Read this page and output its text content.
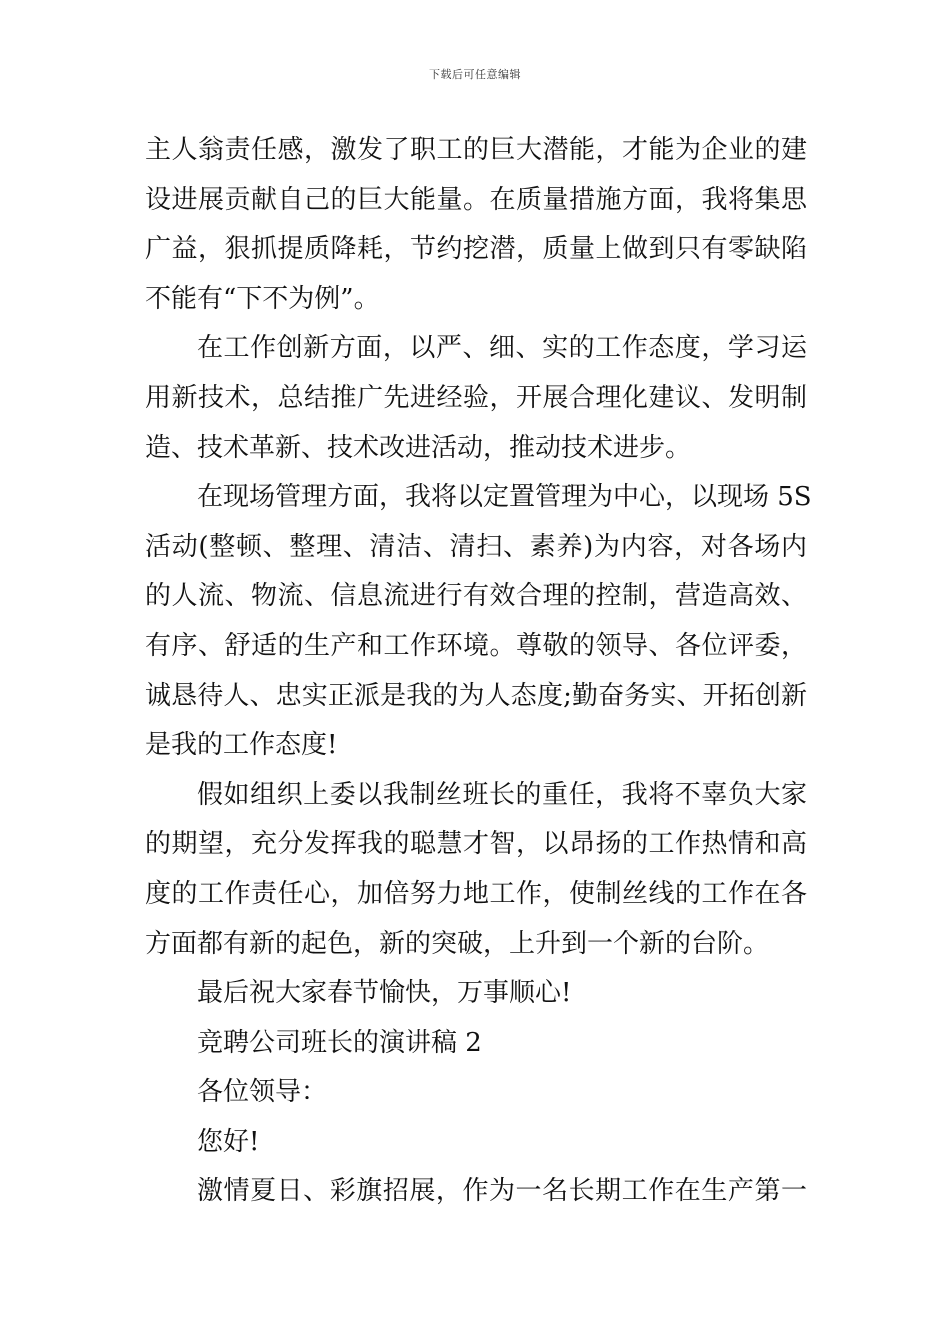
下载后可任意编辑
主人翁责任感，激发了职工的巨大潜能，才能为企业的建
设进展贡献自己的巨大能量。在质量措施方面，我将集思
广益，狠抓提质降耗，节约挖潜，质量上做到只有零缺陷
不能有“下不为例”。
在工作创新方面，以严、细、实的工作态度，学习运
用新技术，总结推广先进经验，开展合理化建议、发明制
造、技术革新、技术改进活动，推动技术进步。
在现场管理方面，我将以定置管理为中心，以现场 5S
活动(整顿、整理、清洁、清扫、素养)为内容，对各场内
的人流、物流、信息流进行有效合理的控制，营造高效、
有序、舒适的生产和工作环境。尊敬的领导、各位评委，
诚恳待人、忠实正派是我的为人态度;勤奋务实、开拓创新
是我的工作态度!
假如组织上委以我制丝班长的重任，我将不辜负大家
的期望，充分发挥我的聪慧才智，以昂扬的工作热情和高
度的工作责任心，加倍努力地工作，使制丝线的工作在各
方面都有新的起色，新的突破，上升到一个新的台阶。
最后祝大家春节愉快，万事顺心!
竞聘公司班长的演讲稿 2
各位领导：
您好!
激情夏日、彩旗招展，作为一名长期工作在生产第一
